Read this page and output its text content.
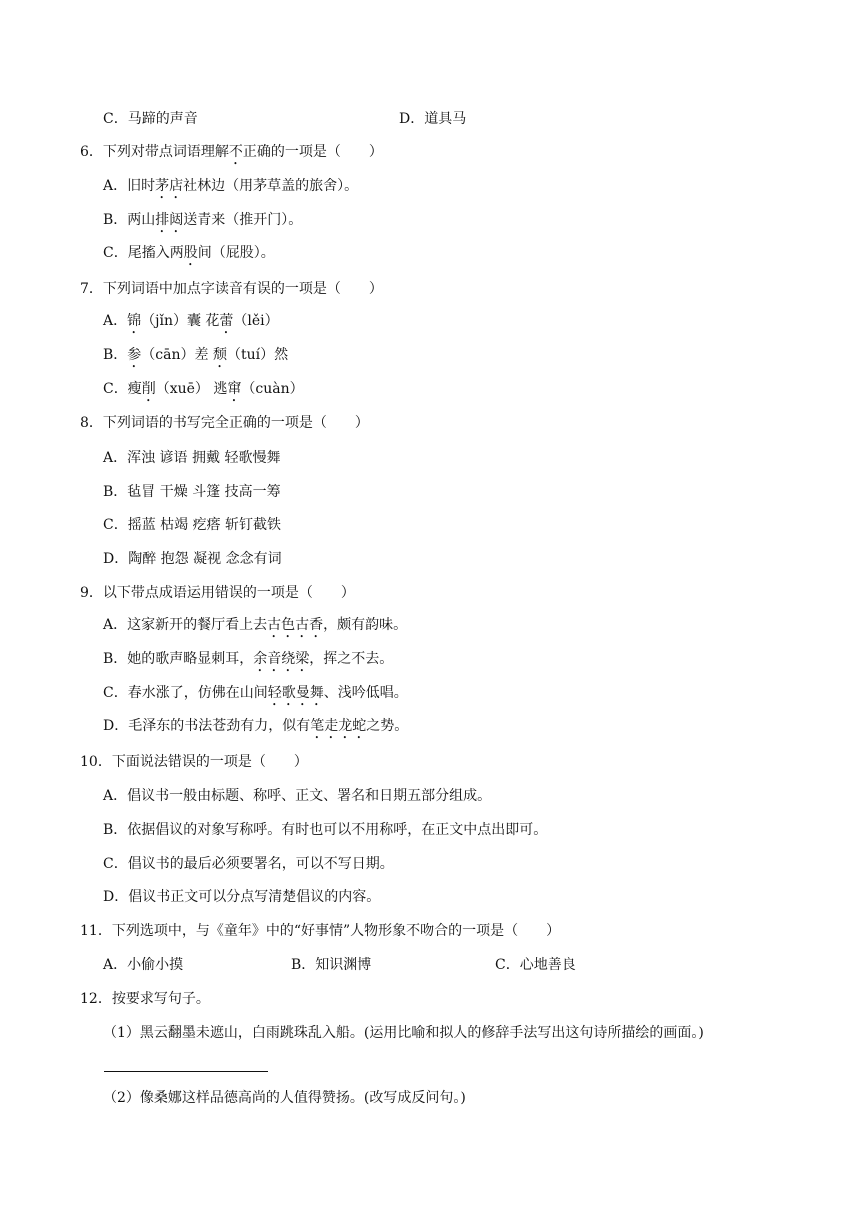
C．马蹄的声音	D．道具马
6．下列对带点词语理解不正确的一项是（　　）
A．旧时茅店社林边（用茅草盖的旅舍）。
B．两山排闼送青来（推开门）。
C．尾搐入两股间（屁股）。
7．下列词语中加点字读音有误的一项是（　　）
A．锦（jǐn）囊 花蕾（lěi）
B．参（cān）差 颓（tuí）然
C．瘦削（xuē） 逃窜（cuàn）
8．下列词语的书写完全正确的一项是（　　）
A．浑浊 谚语 拥戴 轻歌慢舞
B．毡冒 干燥 斗篷 技高一筹
C．摇蓝 枯竭 疙瘩 斩钉截铁
D．陶醉 抱怨 凝视 念念有词
9．以下带点成语运用错误的一项是（　　）
A．这家新开的餐厅看上去古色古香，颇有韵味。
B．她的歌声略显刺耳，余音绕梁，挥之不去。
C．春水涨了，仿佛在山间轻歌曼舞、浅吟低唱。
D．毛泽东的书法苍劲有力，似有笔走龙蛇之势。
10．下面说法错误的一项是（　　）
A．倡议书一般由标题、称呼、正文、署名和日期五部分组成。
B．依据倡议的对象写称呼。有时也可以不用称呼，在正文中点出即可。
C．倡议书的最后必须要署名，可以不写日期。
D．倡议书正文可以分点写清楚倡议的内容。
11．下列选项中，与《童年》中的“好事情”人物形象不吻合的一项是（　　）
A．小偷小摸	B．知识渊博	C．心地善良
12．按要求写句子。
（1）黑云翻墨未遮山，白雨跳珠乱入船。(运用比喻和拟人的修辞手法写出这句诗所描绘的画面。)
（2）像桑娜这样品德高尚的人值得赞扬。(改写成反问句。)
